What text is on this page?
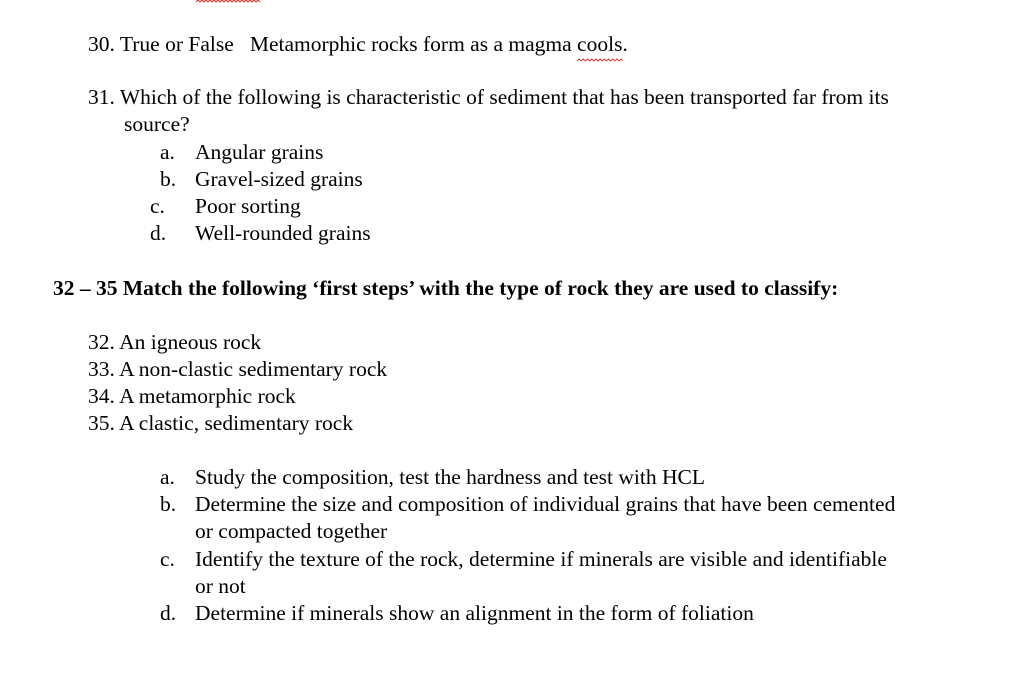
30. True or False   Metamorphic rocks form as a magma cools
.
31. Which of the following is characteristic of sediment that has been transported far from its
source?
a. Angular grains
b. Gravel-sized grains
c. Poor sorting
d. Well-rounded grains
32 – 35 Match the following ‘first steps’ with the type of rock they are used to classify:
32. An igneous rock
33. A non-clastic sedimentary rock
34. A metamorphic rock
35. A clastic, sedimentary rock
a. Study the composition, test the hardness and test with HCL
b. Determine the size and composition of individual grains that have been cemented
or compacted together
c. Identify the texture of the rock, determine if minerals are visible and identifiable
or not
d. Determine if minerals show an alignment in the form of foliation
